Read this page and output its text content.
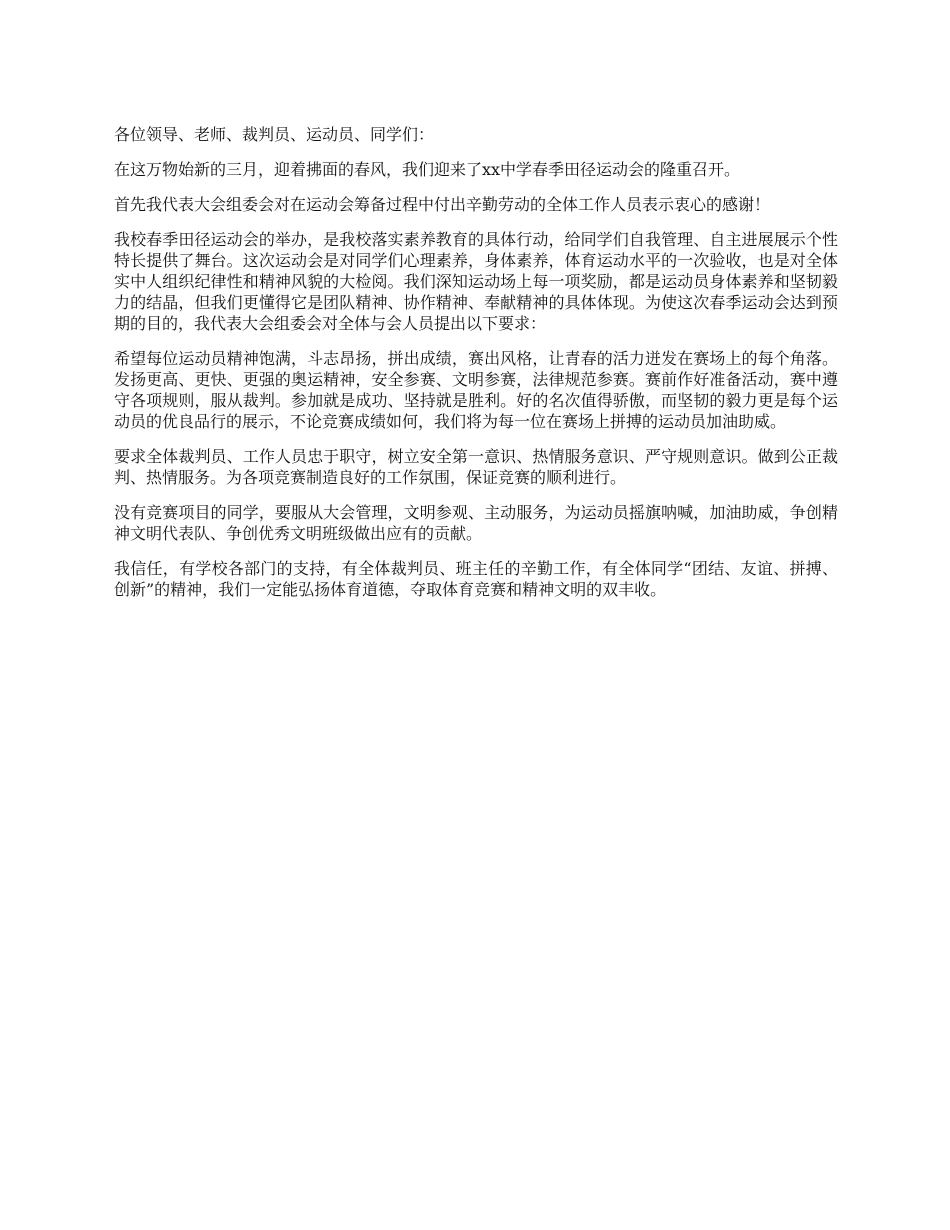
各位领导、老师、裁判员、运动员、同学们：

在这万物始新的三月，迎着拂面的春风，我们迎来了xx中学春季田径运动会的隆重召开。

首先我代表大会组委会对在运动会筹备过程中付出辛勤劳动的全体工作人员表示衷心的感谢！

我校春季田径运动会的举办，是我校落实素养教育的具体行动，给同学们自我管理、自主进展展示个性特长提供了舞台。这次运动会是对同学们心理素养，身体素养，体育运动水平的一次验收，也是对全体实中人组织纪律性和精神风貌的大检阅。我们深知运动场上每一项奖励，都是运动员身体素养和坚韧毅力的结晶，但我们更懂得它是团队精神、协作精神、奉献精神的具体体现。为使这次春季运动会达到预期的目的，我代表大会组委会对全体与会人员提出以下要求：

希望每位运动员精神饱满，斗志昂扬，拼出成绩，赛出风格，让青春的活力迸发在赛场上的每个角落。发扬更高、更快、更强的奥运精神，安全参赛、文明参赛，法律规范参赛。赛前作好准备活动，赛中遵守各项规则，服从裁判。参加就是成功、坚持就是胜利。好的名次值得骄傲，而坚韧的毅力更是每个运动员的优良品行的展示，不论竞赛成绩如何，我们将为每一位在赛场上拼搏的运动员加油助威。

要求全体裁判员、工作人员忠于职守，树立安全第一意识、热情服务意识、严守规则意识。做到公正裁判、热情服务。为各项竞赛制造良好的工作氛围，保证竞赛的顺利进行。

没有竞赛项目的同学，要服从大会管理，文明参观、主动服务，为运动员摇旗呐喊，加油助威，争创精神文明代表队、争创优秀文明班级做出应有的贡献。

我信任，有学校各部门的支持，有全体裁判员、班主任的辛勤工作，有全体同学“团结、友谊、拼搏、创新”的精神，我们一定能弘扬体育道德，夺取体育竞赛和精神文明的双丰收。
